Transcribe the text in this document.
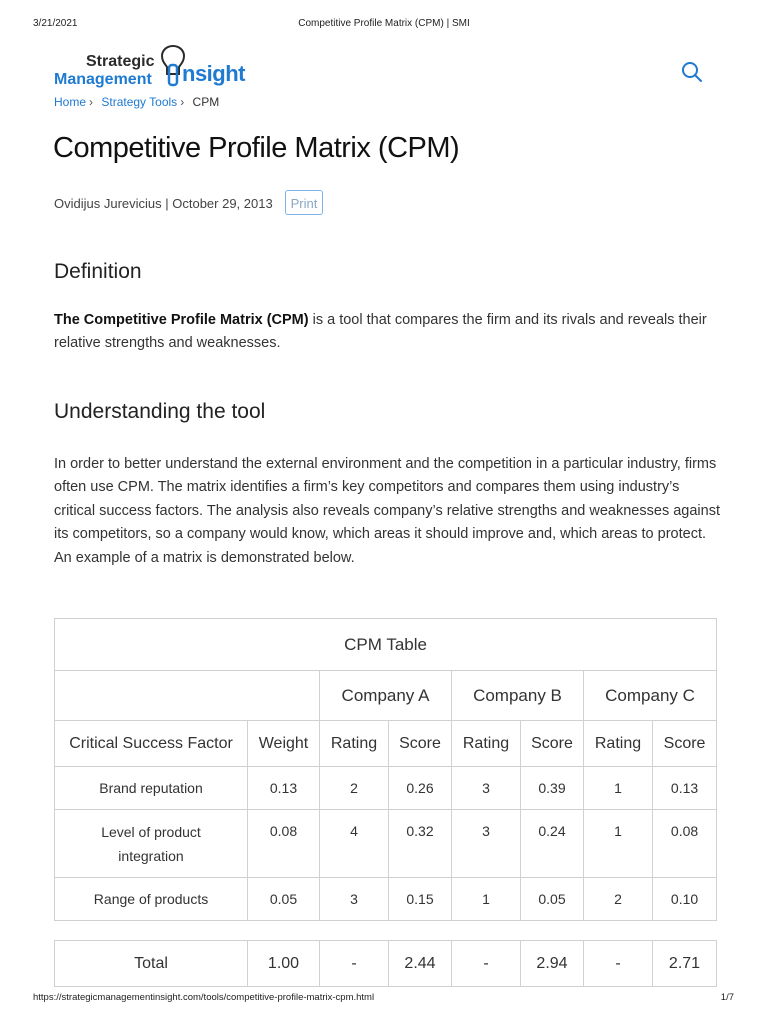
3/21/2021	Competitive Profile Matrix (CPM) | SMI
Strategic
Management nsight
Home › Strategy Tools › CPM
Competitive Profile Matrix (CPM)
Ovidijus Jurevicius | October 29, 2013	Print
Definition

The Competitive Profile Matrix (CPM) is a tool that compares the firm and its rivals and reveals their relative strengths and weaknesses.

Understanding the tool

In order to better understand the external environment and the competition in a particular industry, firms often use CPM. The matrix identifies a firm’s key competitors and compares them using industry’s critical success factors. The analysis also reveals company’s relative strengths and weaknesses against its competitors, so a company would know, which areas it should improve and, which areas to protect. An example of a matrix is demonstrated below.

CPM Table							
		Company A		Company B		Company C	
Critical Success Factor	Weight	Rating	Score	Rating	Score	Rating	Score
Brand reputation	0.13	2	0.26	3	0.39	1	0.13
Level of product integration	0.08	4	0.32	3	0.24	1	0.08
Range of products	0.05	3	0.15	1	0.05	2	0.10
Total	1.00	-	2.44	-	2.94	-	2.71
https://strategicmanagementinsight.com/tools/competitive-profile-matrix-cpm.html	1/7
